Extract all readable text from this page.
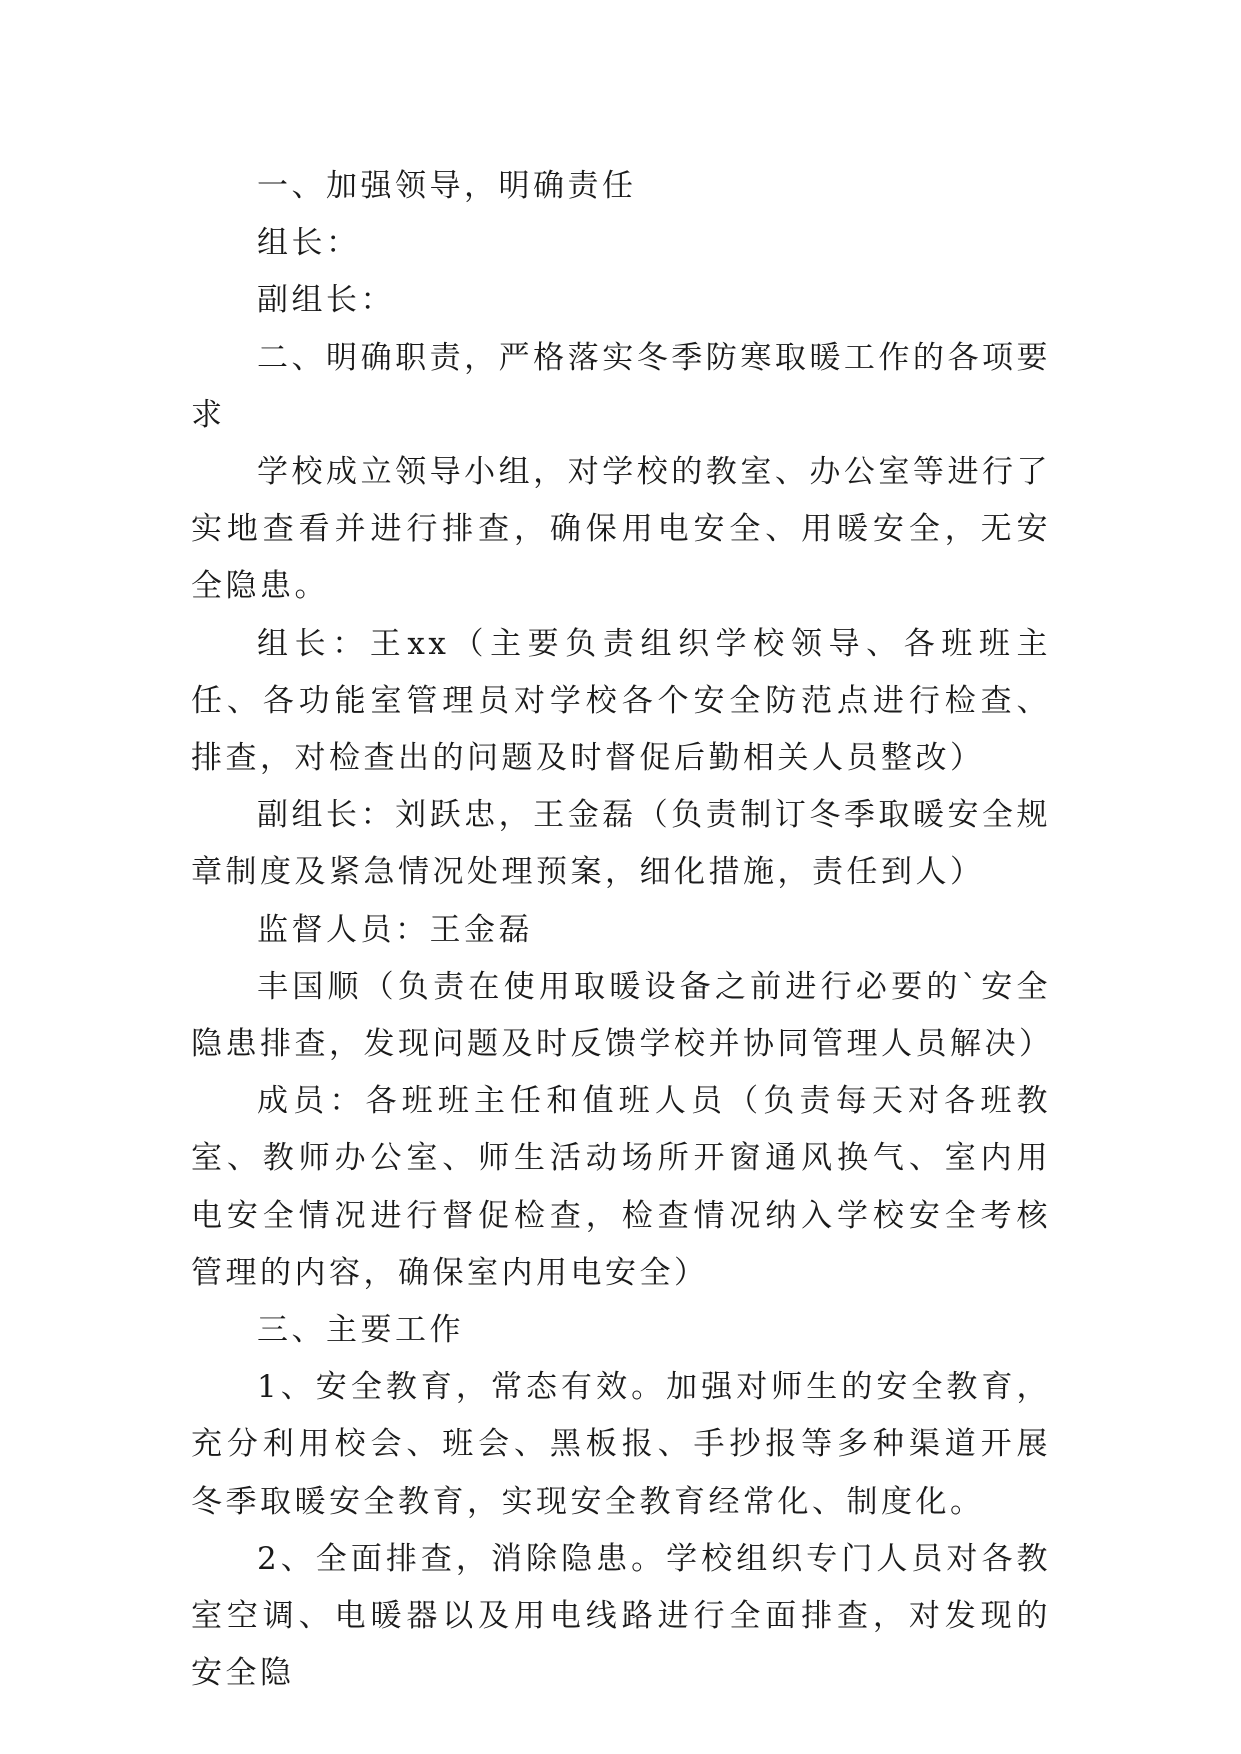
一、加强领导，明确责任

组长：

副组长：

二、明确职责，严格落实冬季防寒取暖工作的各项要求

学校成立领导小组，对学校的教室、办公室等进行了实地查看并进行排查，确保用电安全、用暖安全，无安全隐患。

组长：王xx（主要负责组织学校领导、各班班主任、各功能室管理员对学校各个安全防范点进行检查、排查，对检查出的问题及时督促后勤相关人员整改）

副组长：刘跃忠，王金磊（负责制订冬季取暖安全规章制度及紧急情况处理预案，细化措施，责任到人）

监督人员：王金磊

丰国顺（负责在使用取暖设备之前进行必要的`安全隐患排查，发现问题及时反馈学校并协同管理人员解决）

成员：各班班主任和值班人员（负责每天对各班教室、教师办公室、师生活动场所开窗通风换气、室内用电安全情况进行督促检查，检查情况纳入学校安全考核管理的内容，确保室内用电安全）

三、主要工作

1、安全教育，常态有效。加强对师生的安全教育，充分利用校会、班会、黑板报、手抄报等多种渠道开展冬季取暖安全教育，实现安全教育经常化、制度化。

2、全面排查，消除隐患。学校组织专门人员对各教室空调、电暖器以及用电线路进行全面排查，对发现的安全隐
